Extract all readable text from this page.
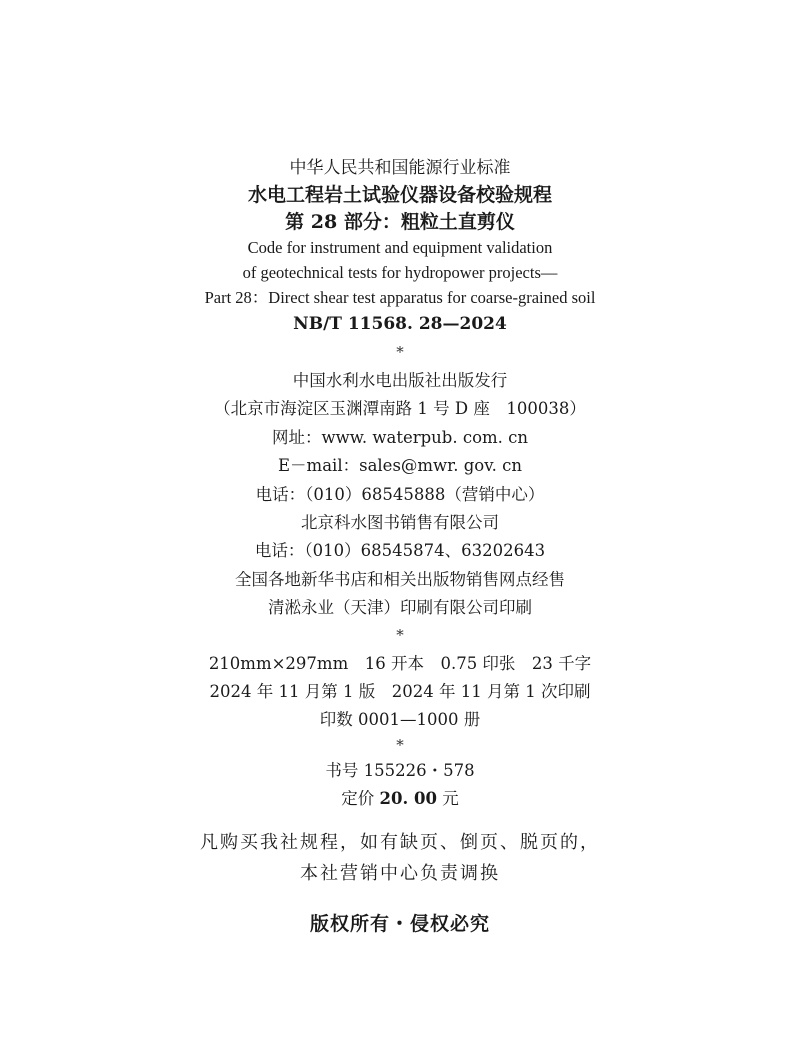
中华人民共和国能源行业标准
水电工程岩土试验仪器设备校验规程
第 28 部分：粗粒土直剪仪
Code for instrument and equipment validation
of geotechnical tests for hydropower projects—
Part 28：Direct shear test apparatus for coarse-grained soil
NB/T 11568. 28—2024
*
中国水利水电出版社出版发行
（北京市海淀区玉渊潭南路 1 号 D 座　100038）
网址：www. waterpub. com. cn
E－mail：sales@mwr. gov. cn
电话：（010）68545888（营销中心）
北京科水图书销售有限公司
电话：（010）68545874、63202643
全国各地新华书店和相关出版物销售网点经售
清淞永业（天津）印刷有限公司印刷
*
210mm×297mm　16 开本　0.75 印张　23 千字
2024 年 11 月第 1 版　2024 年 11 月第 1 次印刷
印数 0001—1000 册
*
书号 155226・578
定价 20. 00 元
凡购买我社规程，如有缺页、倒页、脱页的，
本社营销中心负责调换
版权所有・侵权必究
